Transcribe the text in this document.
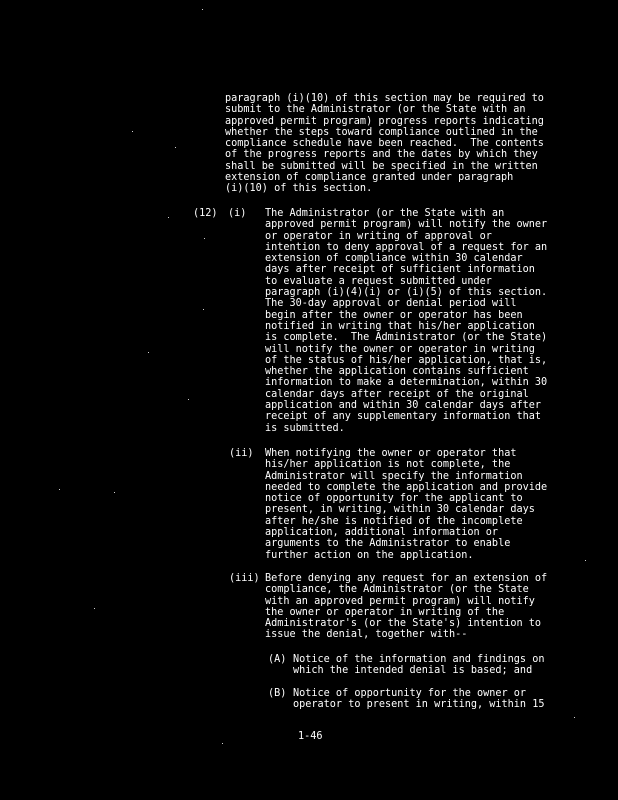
paragraph (i)(10) of this section may be required to
submit to the Administrator (or the State with an
approved permit program) progress reports indicating
whether the steps toward compliance outlined in the
compliance schedule have been reached.  The contents
of the progress reports and the dates by which they
shall be submitted will be specified in the written
extension of compliance granted under paragraph
(i)(10) of this section.
(12) (i) The Administrator (or the State with an
approved permit program) will notify the owner
or operator in writing of approval or
intention to deny approval of a request for an
extension of compliance within 30 calendar
days after receipt of sufficient information
to evaluate a request submitted under
paragraph (i)(4)(i) or (i)(5) of this section.
The 30-day approval or denial period will
begin after the owner or operator has been
notified in writing that his/her application
is complete.  The Administrator (or the State)
will notify the owner or operator in writing
of the status of his/her application, that is,
whether the application contains sufficient
information to make a determination, within 30
calendar days after receipt of the original
application and within 30 calendar days after
receipt of any supplementary information that
is submitted.
(ii) When notifying the owner or operator that
his/her application is not complete, the
Administrator will specify the information
needed to complete the application and provide
notice of opportunity for the applicant to
present, in writing, within 30 calendar days
after he/she is notified of the incomplete
application, additional information or
arguments to the Administrator to enable
further action on the application.
(iii) Before denying any request for an extension of
compliance, the Administrator (or the State
with an approved permit program) will notify
the owner or operator in writing of the
Administrator's (or the State's) intention to
issue the denial, together with--
(A) Notice of the information and findings on
which the intended denial is based; and
(B) Notice of opportunity for the owner or
operator to present in writing, within 15
1-46
